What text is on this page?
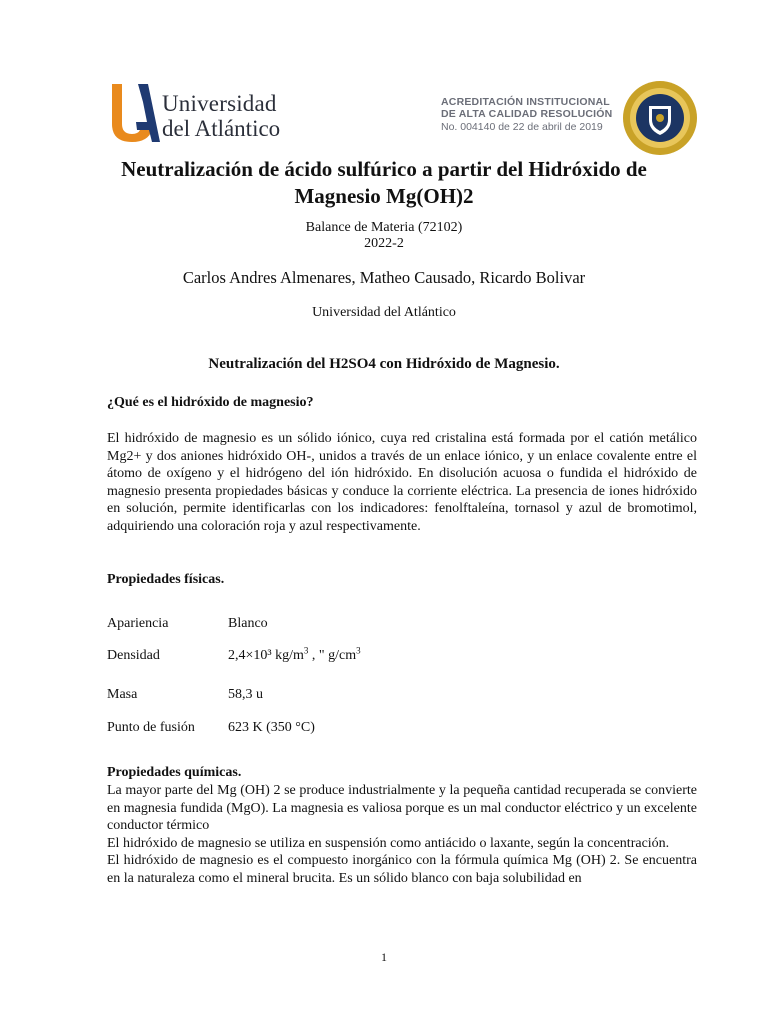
Universidad
del Atlántico
ACREDITACIÓN INSTITUCIONAL
DE ALTA CALIDAD RESOLUCIÓN
No. 004140 de 22 de abril de 2019
Neutralización de ácido sulfúrico a partir del Hidróxido de
Magnesio Mg(OH)2
Balance de Materia (72102)
2022-2
Carlos Andres Almenares, Matheo Causado, Ricardo Bolivar
Universidad del Atlántico
Neutralización del H2SO4 con Hidróxido de Magnesio.
¿Qué es el hidróxido de magnesio?
El hidróxido de magnesio es un sólido iónico, cuya red cristalina está formada por el catión metálico Mg2+ y dos aniones hidróxido OH-, unidos a través de un enlace iónico, y un enlace covalente entre el átomo de oxígeno y el hidrógeno del ión hidróxido. En disolución acuosa o fundida el hidróxido de magnesio presenta propiedades básicas y conduce la corriente eléctrica. La presencia de iones hidróxido en solución, permite identificarlas con los indicadores: fenolftaleína, tornasol y azul de bromotimol, adquiriendo una coloración roja y azul respectivamente.
Propiedades físicas.
Apariencia	Blanco
Densidad	2,4×10³ $kg/m^3$ , " $g/cm^3$
Masa	58,3 u
Punto de fusión 623 K (350 °C)
Propiedades químicas.
La mayor parte del Mg (OH) 2 se produce industrialmente y la pequeña cantidad recuperada se convierte en magnesia fundida (MgO). La magnesia es valiosa porque es un mal conductor eléctrico y un excelente conductor térmico
El hidróxido de magnesio se utiliza en suspensión como antiácido o laxante, según la concentración.
El hidróxido de magnesio es el compuesto inorgánico con la fórmula química Mg (OH) 2. Se encuentra en la naturaleza como el mineral brucita. Es un sólido blanco con baja solubilidad en
1
